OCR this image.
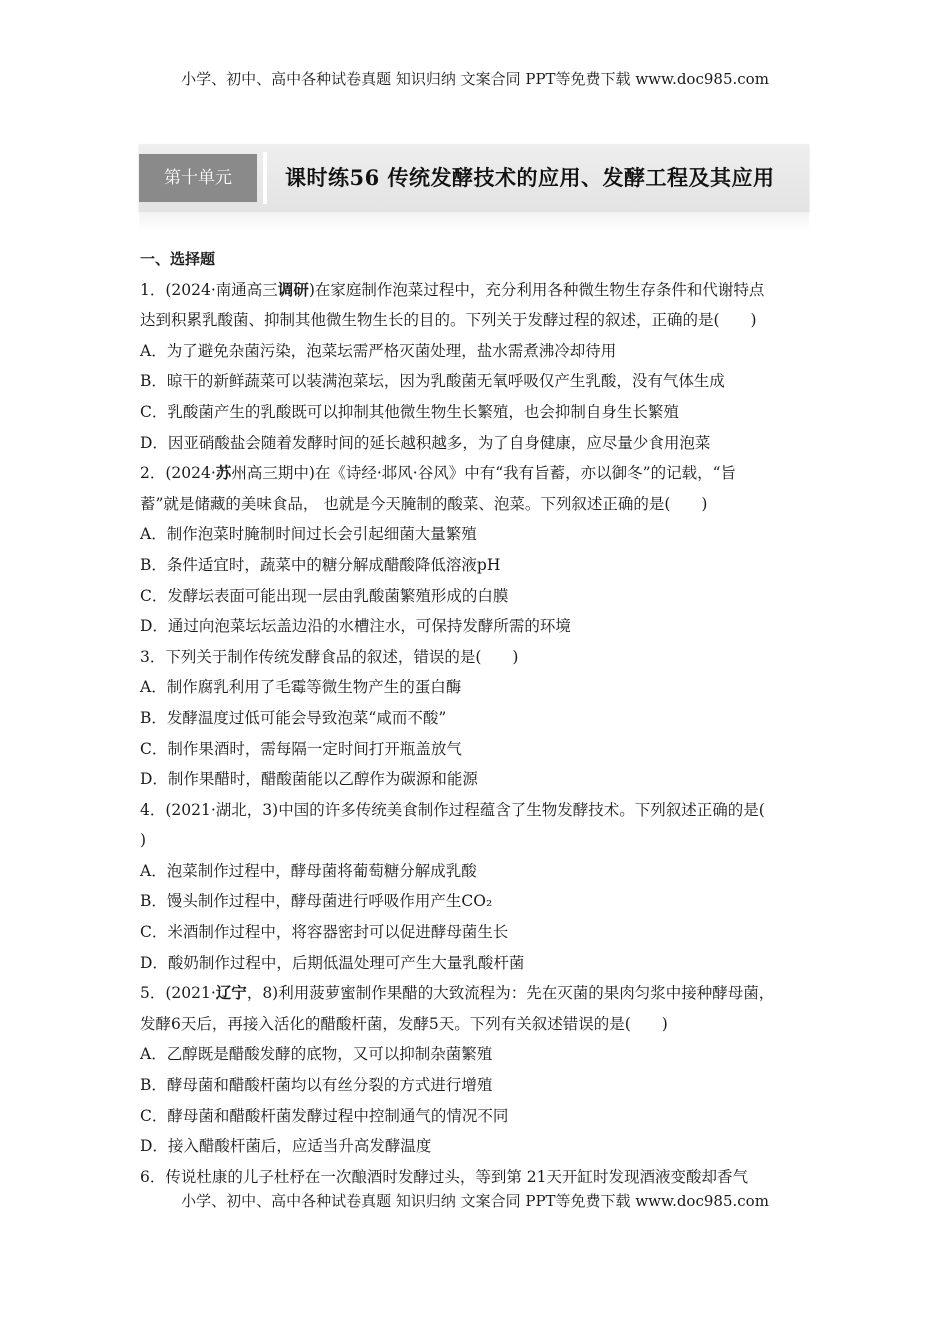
小学、初中、高中各种试卷真题 知识归纳 文案合同 PPT等免费下载 www.doc985.com
第十单元	课时练56 传统发酵技术的应用、发酵工程及其应用
一、选择题
1．(2024·南通高三调研)在家庭制作泡菜过程中，充分利用各种微生物生存条件和代谢特点
达到积累乳酸菌、抑制其他微生物生长的目的。下列关于发酵过程的叙述，正确的是(　　)
A．为了避免杂菌污染，泡菜坛需严格灭菌处理，盐水需煮沸冷却待用
B．晾干的新鲜蔬菜可以装满泡菜坛，因为乳酸菌无氧呼吸仅产生乳酸，没有气体生成
C．乳酸菌产生的乳酸既可以抑制其他微生物生长繁殖，也会抑制自身生长繁殖
D．因亚硝酸盐会随着发酵时间的延长越积越多，为了自身健康，应尽量少食用泡菜
2．(2024·苏州高三期中)在《诗经·邶风·谷风》中有“我有旨蓄，亦以御冬”的记载，“旨
蓄”就是储藏的美味食品， 也就是今天腌制的酸菜、泡菜。下列叙述正确的是(　　)
A．制作泡菜时腌制时间过长会引起细菌大量繁殖
B．条件适宜时，蔬菜中的糖分解成醋酸降低溶液pH
C．发酵坛表面可能出现一层由乳酸菌繁殖形成的白膜
D．通过向泡菜坛坛盖边沿的水槽注水，可保持发酵所需的环境
3．下列关于制作传统发酵食品的叙述，错误的是(　　)
A．制作腐乳利用了毛霉等微生物产生的蛋白酶
B．发酵温度过低可能会导致泡菜“咸而不酸”
C．制作果酒时，需每隔一定时间打开瓶盖放气
D．制作果醋时，醋酸菌能以乙醇作为碳源和能源
4．(2021·湖北，3)中国的许多传统美食制作过程蕴含了生物发酵技术。下列叙述正确的是(
)
A．泡菜制作过程中，酵母菌将葡萄糖分解成乳酸
B．馒头制作过程中，酵母菌进行呼吸作用产生CO₂
C．米酒制作过程中，将容器密封可以促进酵母菌生长
D．酸奶制作过程中，后期低温处理可产生大量乳酸杆菌
5．(2021·辽宁，8)利用菠萝蜜制作果醋的大致流程为：先在灭菌的果肉匀浆中接种酵母菌，
发酵6天后，再接入活化的醋酸杆菌，发酵5天。下列有关叙述错误的是(　　)
A．乙醇既是醋酸发酵的底物，又可以抑制杂菌繁殖
B．酵母菌和醋酸杆菌均以有丝分裂的方式进行增殖
C．酵母菌和醋酸杆菌发酵过程中控制通气的情况不同
D．接入醋酸杆菌后，应适当升高发酵温度
6．传说杜康的儿子杜杼在一次酿酒时发酵过头，等到第 21天开缸时发现酒液变酸却香气
小学、初中、高中各种试卷真题 知识归纳 文案合同 PPT等免费下载 www.doc985.com
